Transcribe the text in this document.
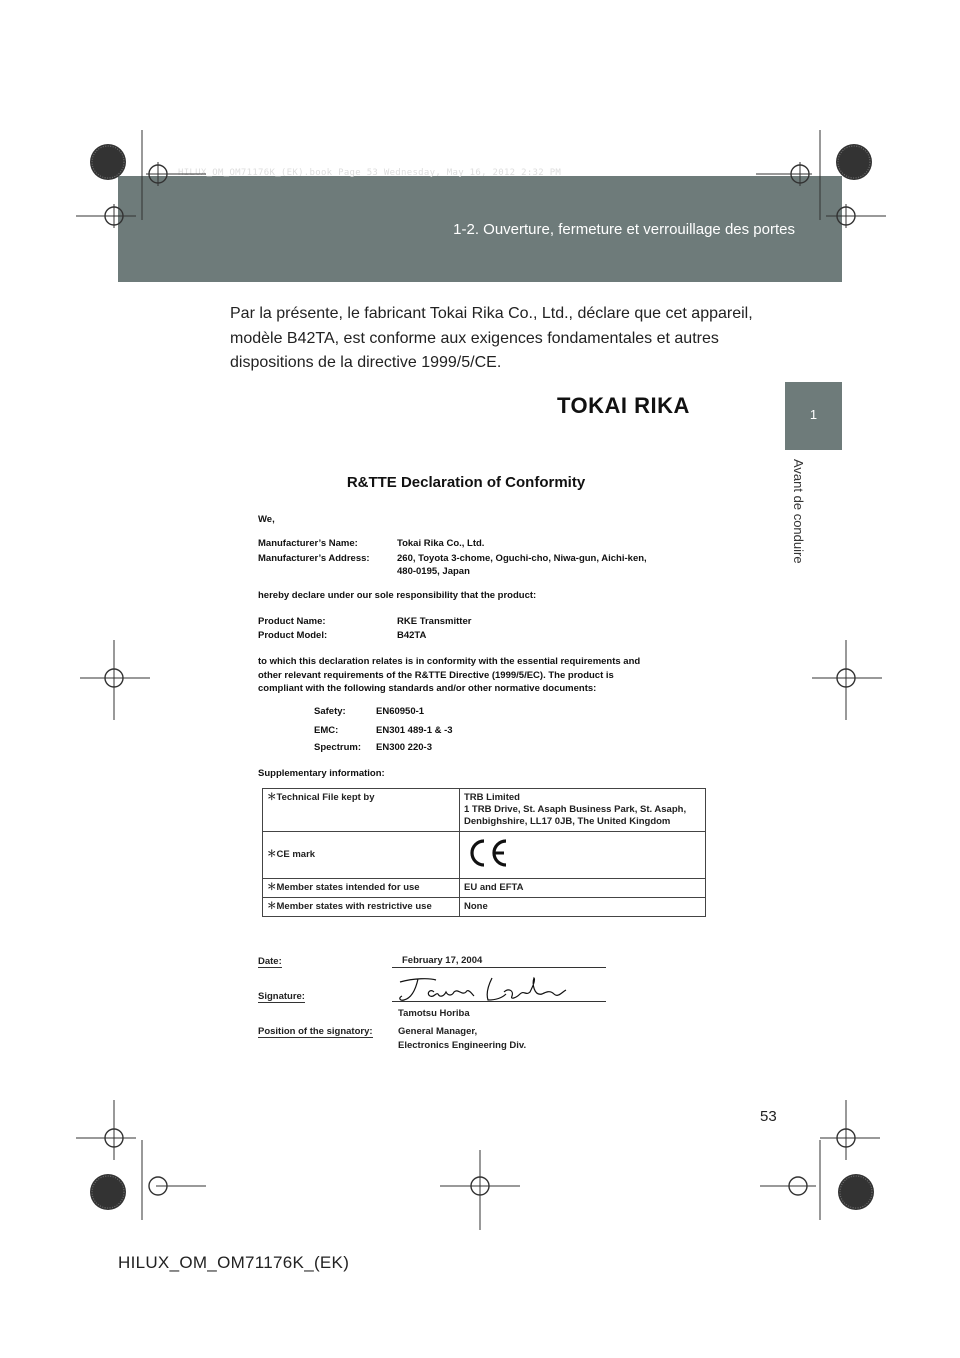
HILUX_OM_OM71176K_(EK).book Page 53 Wednesday, May 16, 2012 2:32 PM
1-2. Ouverture, fermeture et verrouillage des portes
1
Avant de conduire
Par la présente, le fabricant Tokai Rika Co., Ltd., déclare que cet appareil, modèle B42TA, est conforme aux exigences fondamentales et autres dispositions de la directive 1999/5/CE.
TOKAI RIKA
R&TTE Declaration of Conformity
We,
Manufacturer’s Name:	Tokai Rika Co., Ltd.
Manufacturer’s Address:	260, Toyota 3-chome, Oguchi-cho, Niwa-gun, Aichi-ken,
480-0195, Japan
hereby declare under our sole responsibility that the product:
Product Name:	RKE Transmitter
Product Model:	B42TA
to which this declaration relates is in conformity with the essential requirements and
other relevant requirements of the R&TTE Directive (1999/5/EC). The product is
compliant with the following standards and/or other normative documents:
Safety:	EN60950-1
EMC:	EN301 489-1 & -3
Spectrum: EN300 220-3
Supplementary information:
＊Technical File kept by	TRB Limited
1 TRB Drive, St. Asaph Business Park, St. Asaph,
Denbighshire, LL17 0JB, The United Kingdom

＊CE mark	
＊Member states intended for use	EU and EFTA
＊Member states with restrictive use	None
Date:	February 17, 2004
Signature:
Tamotsu Horiba
Position of the signatory:	General Manager,
Electronics Engineering Div.
53
HILUX_OM_OM71176K_(EK)
